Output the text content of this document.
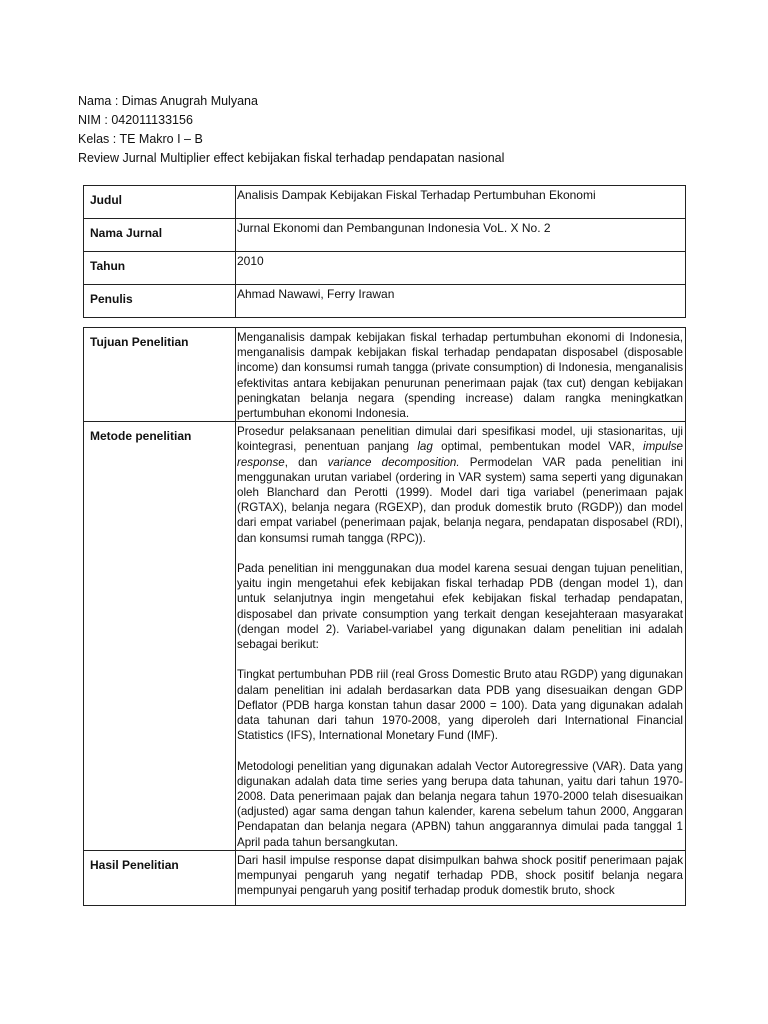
Nama : Dimas Anugrah Mulyana
NIM : 042011133156
Kelas : TE Makro I – B
Review Jurnal Multiplier effect kebijakan fiskal terhadap pendapatan nasional
Judul	Analisis Dampak Kebijakan Fiskal Terhadap Pertumbuhan Ekonomi
Nama Jurnal	Jurnal Ekonomi dan Pembangunan Indonesia VoL. X No. 2
Tahun	2010
Penulis	Ahmad Nawawi, Ferry Irawan
Tujuan Penelitian	Menganalisis dampak kebijakan fiskal terhadap pertumbuhan ekonomi di Indonesia, menganalisis dampak kebijakan fiskal terhadap pendapatan disposabel (disposable income) dan konsumsi rumah tangga (private consumption) di Indonesia, menganalisis efektivitas antara kebijakan penurunan penerimaan pajak (tax cut) dengan kebijakan peningkatan belanja negara (spending increase) dalam rangka meningkatkan pertumbuhan ekonomi Indonesia.

Metode penelitian	Prosedur pelaksanaan penelitian dimulai dari spesifikasi model, uji stasionaritas, uji kointegrasi, penentuan panjang lag optimal, pembentukan model VAR, impulse response, dan variance decomposition. Permodelan VAR pada penelitian ini menggunakan urutan variabel (ordering in VAR system) sama seperti yang digunakan oleh Blanchard dan Perotti (1999). Model dari tiga variabel (penerimaan pajak (RGTAX), belanja negara (RGEXP), dan produk domestik bruto (RGDP)) dan model dari empat variabel (penerimaan pajak, belanja negara, pendapatan disposabel (RDI), dan konsumsi rumah tangga (RPC)).

Pada penelitian ini menggunakan dua model karena sesuai dengan tujuan penelitian, yaitu ingin mengetahui efek kebijakan fiskal terhadap PDB (dengan model 1), dan untuk selanjutnya ingin mengetahui efek kebijakan fiskal terhadap pendapatan, disposabel dan private consumption yang terkait dengan kesejahteraan masyarakat (dengan model 2). Variabel-variabel yang digunakan dalam penelitian ini adalah sebagai berikut:

Tingkat pertumbuhan PDB riil (real Gross Domestic Bruto atau RGDP) yang digunakan dalam penelitian ini adalah berdasarkan data PDB yang disesuaikan dengan GDP Deflator (PDB harga konstan tahun dasar 2000 = 100). Data yang digunakan adalah data tahunan dari tahun 1970-2008, yang diperoleh dari International Financial Statistics (IFS), International Monetary Fund (IMF).

Metodologi penelitian yang digunakan adalah Vector Autoregressive (VAR). Data yang digunakan adalah data time series yang berupa data tahunan, yaitu dari tahun 1970-2008. Data penerimaan pajak dan belanja negara tahun 1970-2000 telah disesuaikan (adjusted) agar sama dengan tahun kalender, karena sebelum tahun 2000, Anggaran Pendapatan dan belanja negara (APBN) tahun anggarannya dimulai pada tanggal 1 April pada tahun bersangkutan.

Hasil Penelitian	Dari hasil impulse response dapat disimpulkan bahwa shock positif penerimaan pajak mempunyai pengaruh yang negatif terhadap PDB, shock positif belanja negara mempunyai pengaruh yang positif terhadap produk domestik bruto, shock
